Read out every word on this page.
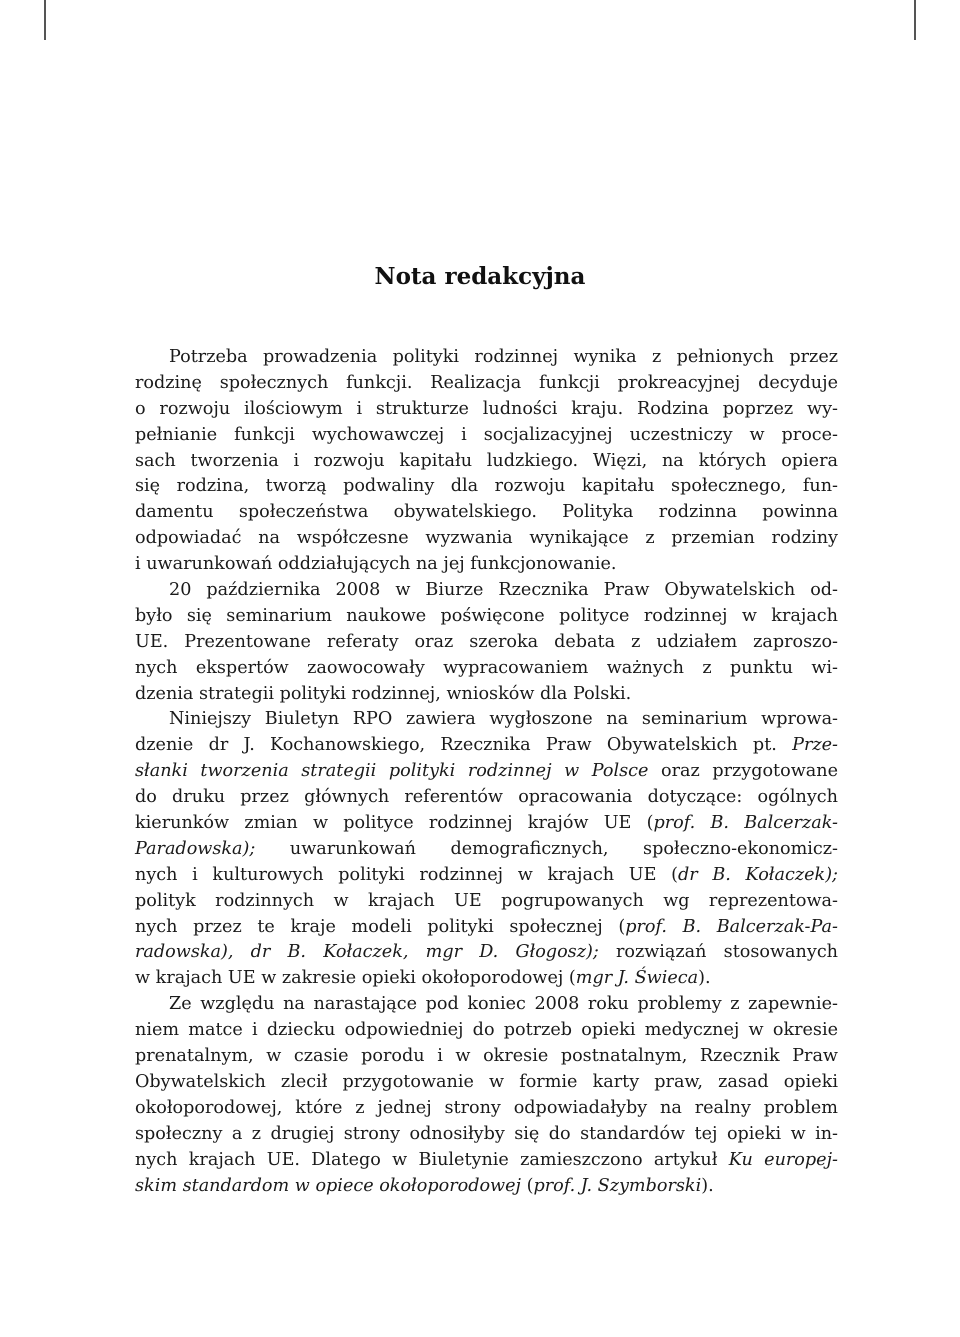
Nota redakcyjna
Potrzeba prowadzenia polityki rodzinnej wynika z pełnionych przez
rodzinę społecznych funkcji. Realizacja funkcji prokreacyjnej decyduje
o rozwoju ilościowym i strukturze ludności kraju. Rodzina poprzez wy-
pełnianie funkcji wychowawczej i socjalizacyjnej uczestniczy w proce-
sach tworzenia i rozwoju kapitału ludzkiego. Więzi, na których opiera
się rodzina, tworzą podwaliny dla rozwoju kapitału społecznego, fun-
damentu społeczeństwa obywatelskiego. Polityka rodzinna powinna
odpowiadać na współczesne wyzwania wynikające z przemian rodziny
i uwarunkowań oddziałujących na jej funkcjonowanie.
20 października 2008 w Biurze Rzecznika Praw Obywatelskich od-
było się seminarium naukowe poświęcone polityce rodzinnej w krajach
UE. Prezentowane referaty oraz szeroka debata z udziałem zaproszo-
nych ekspertów zaowocowały wypracowaniem ważnych z punktu wi-
dzenia strategii polityki rodzinnej, wniosków dla Polski.
Niniejszy Biuletyn RPO zawiera wygłoszone na seminarium wprowa-
dzenie dr J. Kochanowskiego, Rzecznika Praw Obywatelskich pt. Prze-
słanki tworzenia strategii polityki rodzinnej w Polsce oraz przygotowane
do druku przez głównych referentów opracowania dotyczące: ogólnych
kierunków zmian w polityce rodzinnej krajów UE (prof. B. Balcerzak-
Paradowska); uwarunkowań demograficznych, społeczno-ekonomicz-
nych i kulturowych polityki rodzinnej w krajach UE (dr B. Kołaczek);
polityk rodzinnych w krajach UE pogrupowanych wg reprezentowa-
nych przez te kraje modeli polityki społecznej (prof. B. Balcerzak-Pa-
radowska), dr B. Kołaczek, mgr D. Głogosz); rozwiązań stosowanych
w krajach UE w zakresie opieki okołoporodowej (mgr J. Świeca).
Ze względu na narastające pod koniec 2008 roku problemy z zapewnie-
niem matce i dziecku odpowiedniej do potrzeb opieki medycznej w okresie
prenatalnym, w czasie porodu i w okresie postnatalnym, Rzecznik Praw
Obywatelskich zlecił przygotowanie w formie karty praw, zasad opieki
okołoporodowej, które z jednej strony odpowiadałyby na realny problem
społeczny a z drugiej strony odnosiłyby się do standardów tej opieki w in-
nych krajach UE. Dlatego w Biuletynie zamieszczono artykuł Ku europej-
skim standardom w opiece okołoporodowej (prof. J. Szymborski).
